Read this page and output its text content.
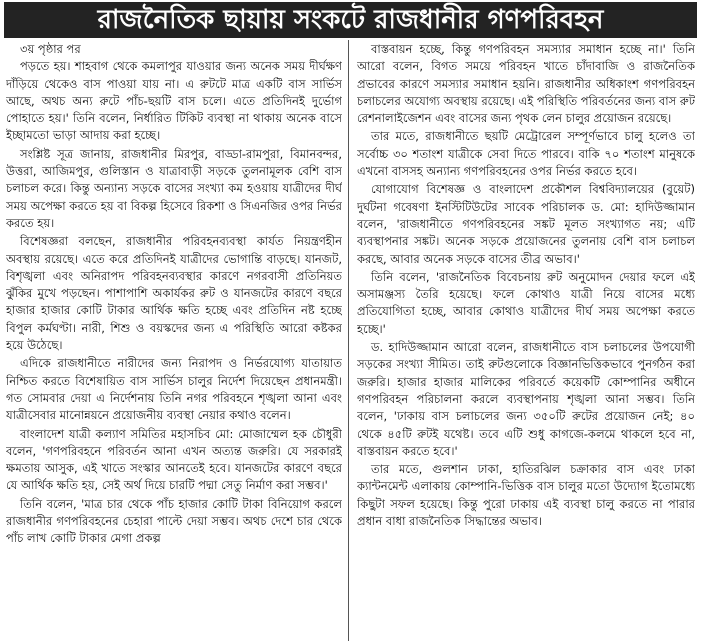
রাজনৈতিক ছায়ায় সংকটে রাজধানীর গণপরিবহন

৩য় পৃষ্ঠার পর

পড়তে হয়। শাহবাগ থেকে কমলাপুর যাওয়ার জন্য অনেক সময় দীর্ঘক্ষণ দাঁড়িয়ে থেকেও বাস পাওয়া যায় না। এ রুটটে মাত্র একটি বাস সার্ভিস আছে, অথচ অন্য রুটে পাঁচ-ছয়টি বাস চলে। এতে প্রতিদিনই দুর্ভোগ পোহাতে হয়।' তিনি বলেন, নির্ধারিত টিকিট ব্যবস্থা না থাকায় অনেক বাসে ইচ্ছামতো ভাড়া আদায় করা হচ্ছে।

সংশ্লিষ্ট সূত্র জানায়, রাজধানীর মিরপুর, বাড্ডা-রামপুরা, বিমানবন্দর, উত্তরা, আজিমপুর, গুলিস্তান ও যাত্রাবাড়ী সড়কে তুলনামূলক বেশি বাস চলাচল করে। কিন্তু অন্যান্য সড়কে বাসের সংখ্যা কম হওয়ায় যাত্রীদের দীর্ঘ সময় অপেক্ষা করতে হয় বা বিকল্প হিসেবে রিকশা ও সিএনজির ওপর নির্ভর করতে হয়।

বিশেষজ্ঞরা বলছেন, রাজধানীর পরিবহনব্যবস্থা কার্যত নিয়ন্ত্রণহীন অবস্থায় রয়েছে। এতে করে প্রতিদিনই যাত্রীদের ভোগান্তি বাড়ছে। যানজট, বিশৃঙ্খলা এবং অনিরাপদ পরিবহনব্যবস্থার কারণে নগরবাসী প্রতিনিয়ত ঝুঁকির মুখে পড়ছেন। পাশাপাশি অকার্যকর রুট ও যানজটের কারণে বছরে হাজার হাজার কোটি টাকার আর্থিক ক্ষতি হচ্ছে এবং প্রতিদিন নষ্ট হচ্ছে বিপুল কর্মঘণ্টা। নারী, শিশু ও বয়স্কদের জন্য এ পরিস্থিতি আরো কষ্টকর হয়ে উঠেছে।

এদিকে রাজধানীতে নারীদের জন্য নিরাপদ ও নির্ভরযোগ্য যাতায়াত নিশ্চিত করতে বিশেষায়িত বাস সার্ভিস চালুর নির্দেশ দিয়েছেন প্রধানমন্ত্রী। গত সোমবার দেয়া এ নির্দেশনায় তিনি নগর পরিবহনে শৃঙ্খলা আনা এবং যাত্রীসেবার মানোন্নয়নে প্রয়োজনীয় ব্যবস্থা নেয়ার কথাও বলেন।

বাংলাদেশ যাত্রী কল্যাণ সমিতির মহাসচিব মো: মোজাম্মেল হক চৌধুরী বলেন, 'গণপরিবহনে পরিবর্তন আনা এখন অত্যন্ত জরুরি। যে সরকারই ক্ষমতায় আসুক, এই খাতে সংস্কার আনতেই হবে। যানজটের কারণে বছরে যে আর্থিক ক্ষতি হয়, সেই অর্থ দিয়ে চারটি পদ্মা সেতু নির্মাণ করা সম্ভব।'

তিনি বলেন, 'মাত্র চার থেকে পাঁচ হাজার কোটি টাকা বিনিয়োগ করলে রাজধানীর গণপরিবহনের চেহারা পাল্টে দেয়া সম্ভব। অথচ দেশে চার থেকে পাঁচ লাখ কোটি টাকার মেগা প্রকল্প

বাস্তবায়ন হচ্ছে, কিন্তু গণপরিবহন সমস্যার সমাধান হচ্ছে না।' তিনি আরো বলেন, বিগত সময়ে পরিবহন খাতে চাঁদাবাজি ও রাজনৈতিক প্রভাবের কারণে সমস্যার সমাধান হয়নি। রাজধানীর অধিকাংশ গণপরিবহন চলাচলের অযোগ্য অবস্থায় রয়েছে। এই পরিস্থিতি পরিবর্তনের জন্য বাস রুট রেশনালাইজেশন এবং বাসের জন্য পৃথক লেন চালুর প্রয়োজন রয়েছে।

তার মতে, রাজধানীতে ছয়টি মেট্রোরেল সম্পূর্ণভাবে চালু হলেও তা সর্বোচ্চ ৩০ শতাংশ যাত্রীকে সেবা দিতে পারবে। বাকি ৭০ শতাংশ মানুষকে এখনো বাসসহ অন্যান্য গণপরিবহনের ওপর নির্ভর করতে হবে।

যোগাযোগ বিশেষজ্ঞ ও বাংলাদেশ প্রকৌশল বিশ্ববিদ্যালয়ের (বুয়েট) দুর্ঘটনা গবেষণা ইনস্টিটিউটের সাবেক পরিচালক ড. মো: হাদিউজ্জামান বলেন, 'রাজধানীতে গণপরিবহনের সঙ্কট মূলত সংখ্যাগত নয়; এটি ব্যবস্থাপনার সঙ্কট। অনেক সড়কে প্রয়োজনের তুলনায় বেশি বাস চলাচল করছে, আবার অনেক সড়কে বাসের তীব্র অভাব।'

তিনি বলেন, 'রাজনৈতিক বিবেচনায় রুট অনুমোদন দেয়ার ফলে এই অসামঞ্জস্য তৈরি হয়েছে। ফলে কোথাও যাত্রী নিয়ে বাসের মধ্যে প্রতিযোগিতা হচ্ছে, আবার কোথাও যাত্রীদের দীর্ঘ সময় অপেক্ষা করতে হচ্ছে।'

ড. হাদিউজ্জামান আরো বলেন, রাজধানীতে বাস চলাচলের উপযোগী সড়কের সংখ্যা সীমিত। তাই রুটগুলোকে বিজ্ঞানভিত্তিকভাবে পুনর্গঠন করা জরুরি। হাজার হাজার মালিকের পরিবর্তে কয়েকটি কোম্পানির অধীনে গণপরিবহন পরিচালনা করলে ব্যবস্থাপনায় শৃঙ্খলা আনা সম্ভব। তিনি বলেন, 'ঢাকায় বাস চলাচলের জন্য ৩৫০টি রুটের প্রয়োজন নেই; ৪০ থেকে ৪৫টি রুটই যথেষ্ট। তবে এটি শুধু কাগজে-কলমে থাকলে হবে না, বাস্তবায়ন করতে হবে।'

তার মতে, গুলশান ঢাকা, হাতিরঝিল চক্রাকার বাস এবং ঢাকা ক্যান্টনমেন্ট এলাকায় কোম্পানি-ভিত্তিক বাস চালুর মতো উদ্যোগ ইতোমধ্যে কিছুটা সফল হয়েছে। কিন্তু পুরো ঢাকায় এই ব্যবস্থা চালু করতে না পারার প্রধান বাধা রাজনৈতিক সিদ্ধান্তের অভাব।
